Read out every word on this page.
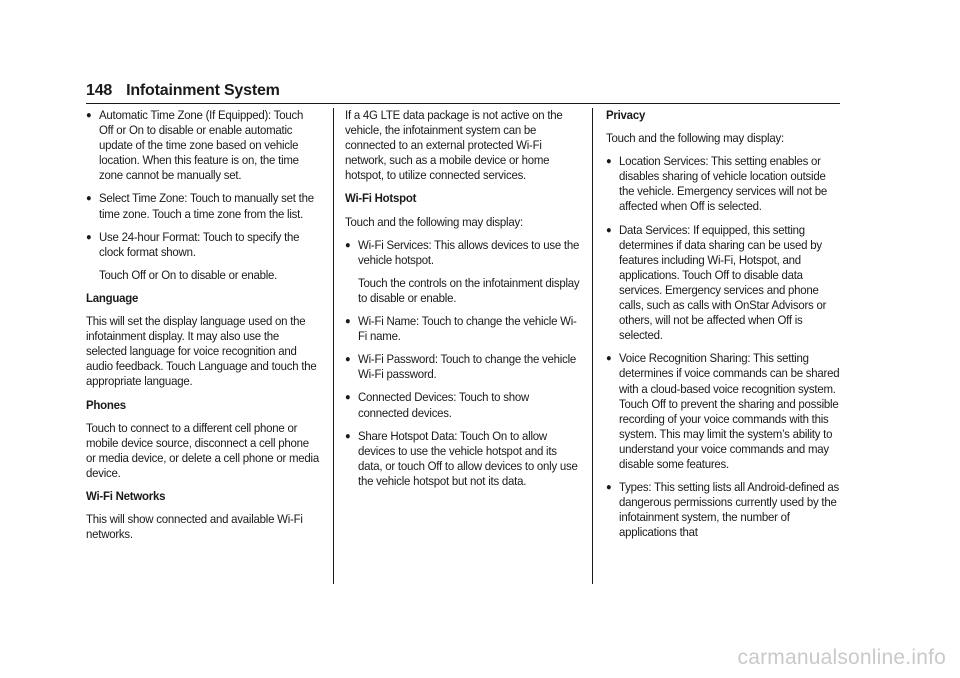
148 Infotainment System
● Automatic Time Zone (If Equipped): Touch Off or On to disable or enable automatic update of the time zone based on vehicle location. When this feature is on, the time zone cannot be manually set.
● Select Time Zone: Touch to manually set the time zone. Touch a time zone from the list.
● Use 24-hour Format: Touch to specify the clock format shown.
Touch Off or On to disable or enable.
Language
This will set the display language used on the infotainment display. It may also use the selected language for voice recognition and audio feedback. Touch Language and touch the appropriate language.
Phones
Touch to connect to a different cell phone or mobile device source, disconnect a cell phone or media device, or delete a cell phone or media device.
Wi-Fi Networks
This will show connected and available Wi-Fi networks.
If a 4G LTE data package is not active on the vehicle, the infotainment system can be connected to an external protected Wi-Fi network, such as a mobile device or home hotspot, to utilize connected services.
Wi-Fi Hotspot
Touch and the following may display:
● Wi-Fi Services: This allows devices to use the vehicle hotspot.
Touch the controls on the infotainment display to disable or enable.
● Wi-Fi Name: Touch to change the vehicle Wi-Fi name.
● Wi-Fi Password: Touch to change the vehicle Wi-Fi password.
● Connected Devices: Touch to show connected devices.
● Share Hotspot Data: Touch On to allow devices to use the vehicle hotspot and its data, or touch Off to allow devices to only use the vehicle hotspot but not its data.
Privacy
Touch and the following may display:
● Location Services: This setting enables or disables sharing of vehicle location outside the vehicle. Emergency services will not be affected when Off is selected.
● Data Services: If equipped, this setting determines if data sharing can be used by features including Wi-Fi, Hotspot, and applications. Touch Off to disable data services. Emergency services and phone calls, such as calls with OnStar Advisors or others, will not be affected when Off is selected.
● Voice Recognition Sharing: This setting determines if voice commands can be shared with a cloud-based voice recognition system. Touch Off to prevent the sharing and possible recording of your voice commands with this system. This may limit the system’s ability to understand your voice commands and may disable some features.
● Types: This setting lists all Android-defined as dangerous permissions currently used by the infotainment system, the number of applications that
carmanualsonline.info
